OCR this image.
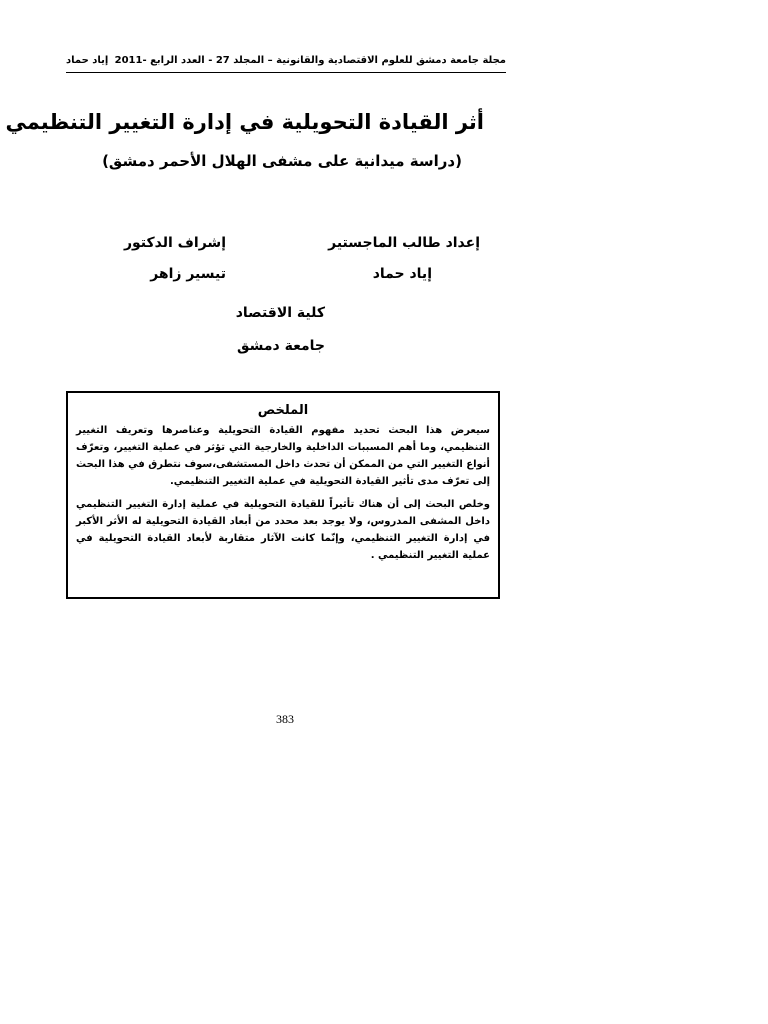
مجلة جامعة دمشق للعلوم الاقتصادية والقانونية – المجلد 27 - العدد الرابع -2011
إياد حماد
أثر القيادة التحويلية في إدارة التغيير التنظيمي
(دراسة ميدانية على مشفى الهلال الأحمر دمشق)
إعداد طالب الماجستير
إياد حماد
إشراف الدكتور
تيسير زاهر
كلية الاقتصاد
جامعة دمشق
الملخص

سيعرض هذا البحث تحديد مفهوم القيادة التحويلية وعناصرها وتعريف التغيير التنظيمي، وما أهم المسببات الداخلية والخارجية التي تؤثر في عملية التغيير، وتعرّف أنواع التغيير التي من الممكن أن تحدث داخل المستشفى،سوف نتطرق في هذا البحث إلى تعرّف مدى تأثير القيادة التحويلية في عملية التغيير التنظيمي.

وخلص البحث إلى أن هناك تأثيراً للقيادة التحويلية في عملية إدارة التغيير التنظيمي داخل المشفى المدروس، ولا يوجد بعد محدد من أبعاد القيادة التحويلية له الأثر الأكبر في إدارة التغيير التنظيمي، وإنّما كانت الآثار متقاربة لأبعاد القيادة التحويلية في عملية التغيير التنظيمي .

383
